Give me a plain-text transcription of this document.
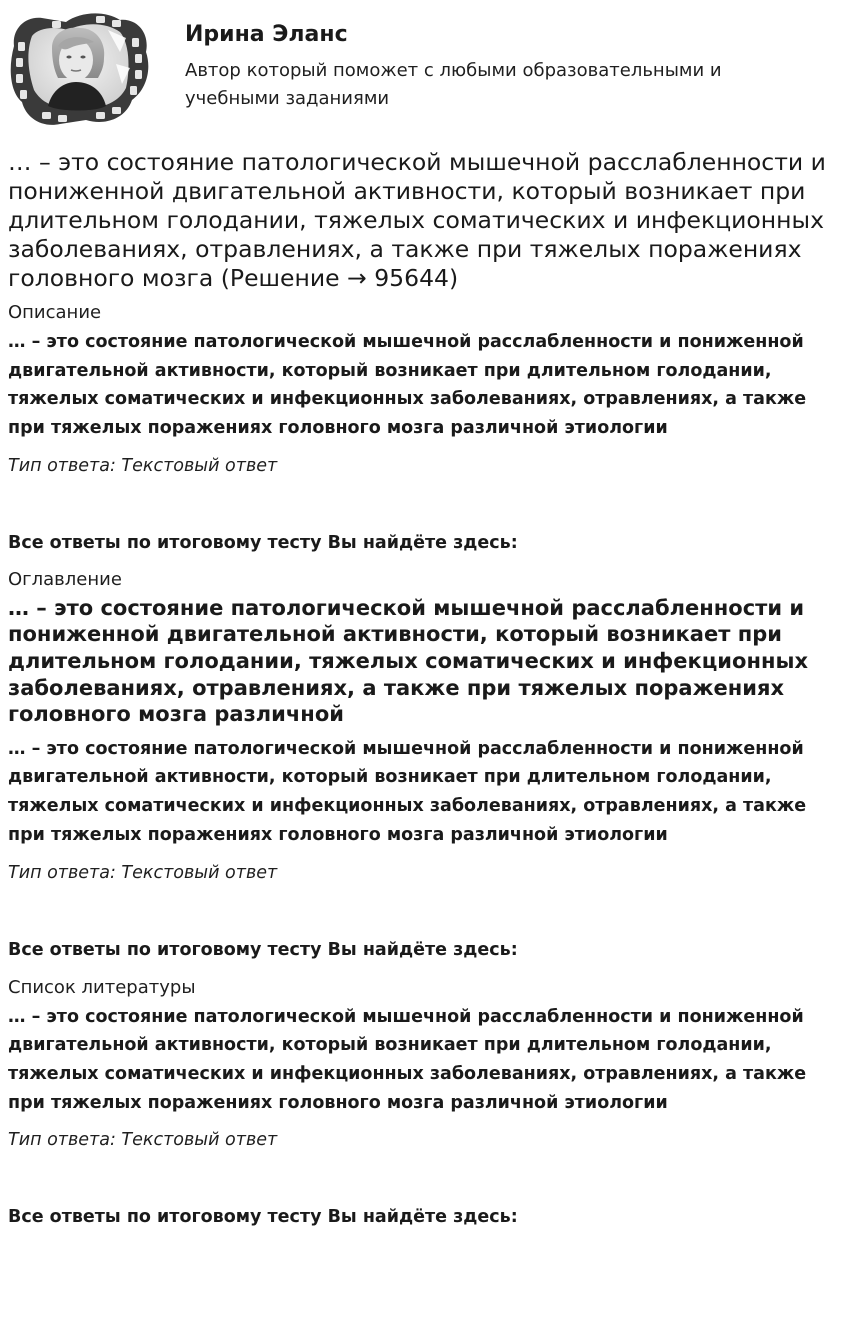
Ирина Эланс

Автор который поможет с любыми образовательными и учебными заданиями

… – это состояние патологической мышечной расслабленности и пониженной двигательной активности, который возникает при длительном голодании, тяжелых соматических и инфекционных заболеваниях, отравлениях, а также при тяжелых поражениях головного мозга (Решение → 95644)

Описание

… – это состояние патологической мышечной расслабленности и пониженной двигательной активности, который возникает при длительном голодании, тяжелых соматических и инфекционных заболеваниях, отравлениях, а также при тяжелых поражениях головного мозга различной этиологии

Тип ответа: Текстовый ответ

Все ответы по итоговому тесту Вы найдёте здесь:

Оглавление

… – это состояние патологической мышечной расслабленности и пониженной двигательной активности, который возникает при длительном голодании, тяжелых соматических и инфекционных заболеваниях, отравлениях, а также при тяжелых поражениях головного мозга различной

… – это состояние патологической мышечной расслабленности и пониженной двигательной активности, который возникает при длительном голодании, тяжелых соматических и инфекционных заболеваниях, отравлениях, а также при тяжелых поражениях головного мозга различной этиологии

Тип ответа: Текстовый ответ

Все ответы по итоговому тесту Вы найдёте здесь:

Список литературы

… – это состояние патологической мышечной расслабленности и пониженной двигательной активности, который возникает при длительном голодании, тяжелых соматических и инфекционных заболеваниях, отравлениях, а также при тяжелых поражениях головного мозга различной этиологии

Тип ответа: Текстовый ответ

Все ответы по итоговому тесту Вы найдёте здесь:
